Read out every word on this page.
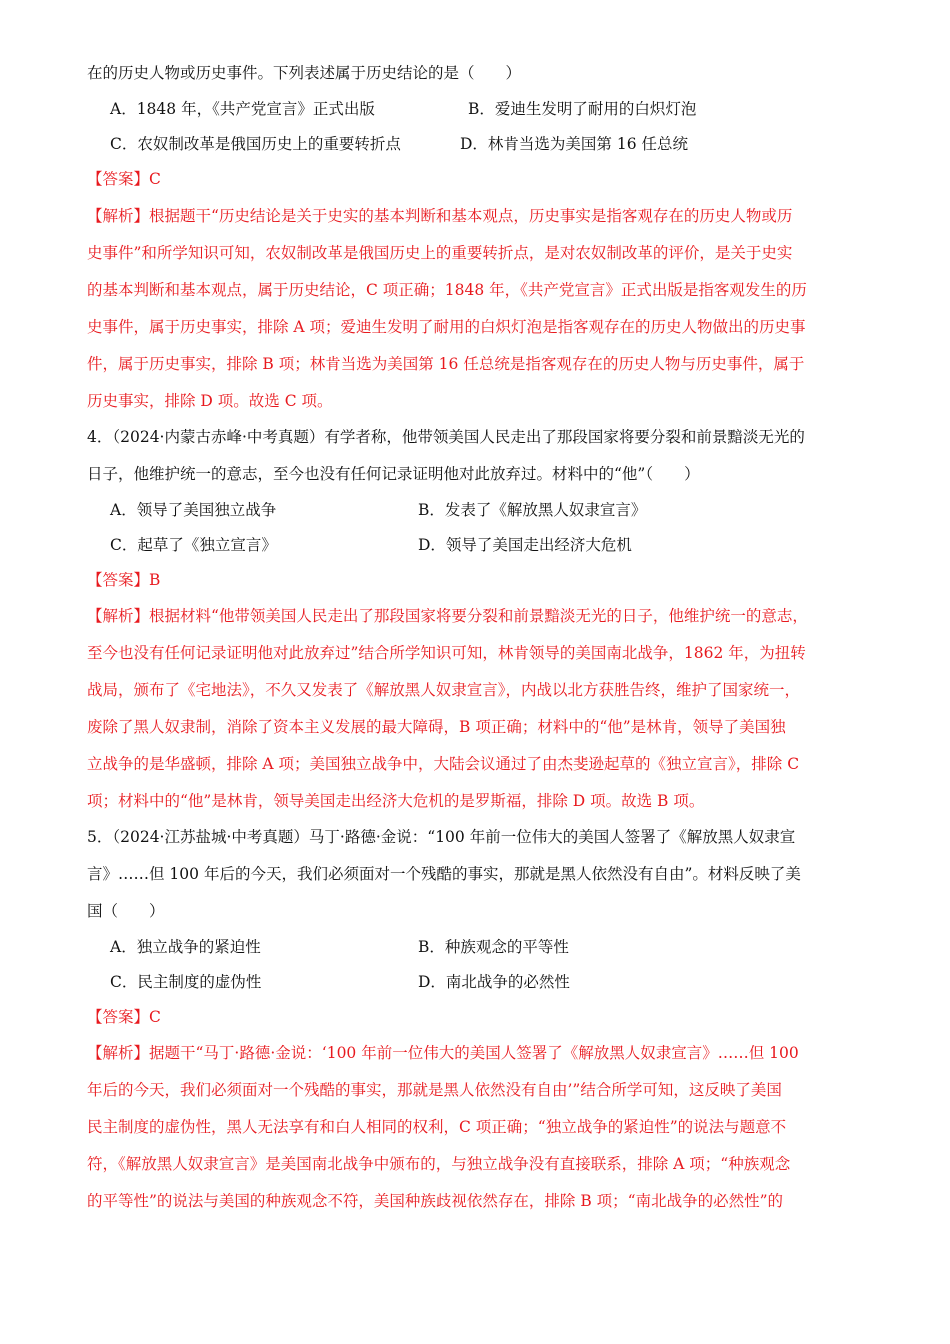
在的历史人物或历史事件。下列表述属于历史结论的是（　　）
A．1848 年，《共产党宣言》正式出版	B．爱迪生发明了耐用的白炽灯泡
C．农奴制改革是俄国历史上的重要转折点	D．林肯当选为美国第 16 任总统
【答案】C
【解析】根据题干“历史结论是关于史实的基本判断和基本观点，历史事实是指客观存在的历史人物或历
史事件”和所学知识可知，农奴制改革是俄国历史上的重要转折点，是对农奴制改革的评价，是关于史实
的基本判断和基本观点，属于历史结论，C 项正确；1848 年，《共产党宣言》正式出版是指客观发生的历
史事件，属于历史事实，排除 A 项；爱迪生发明了耐用的白炽灯泡是指客观存在的历史人物做出的历史事
件，属于历史事实，排除 B 项；林肯当选为美国第 16 任总统是指客观存在的历史人物与历史事件，属于
历史事实，排除 D 项。故选 C 项。
4．（2024·内蒙古赤峰·中考真题）有学者称，他带领美国人民走出了那段国家将要分裂和前景黯淡无光的
日子，他维护统一的意志，至今也没有任何记录证明他对此放弃过。材料中的“他”（　　）
A．领导了美国独立战争	B．发表了《解放黑人奴隶宣言》
C．起草了《独立宣言》	D．领导了美国走出经济大危机
【答案】B
【解析】根据材料“他带领美国人民走出了那段国家将要分裂和前景黯淡无光的日子，他维护统一的意志，
至今也没有任何记录证明他对此放弃过”结合所学知识可知，林肯领导的美国南北战争，1862 年，为扭转
战局，颁布了《宅地法》，不久又发表了《解放黑人奴隶宣言》，内战以北方获胜告终，维护了国家统一，
废除了黑人奴隶制，消除了资本主义发展的最大障碍，B 项正确；材料中的“他”是林肯，领导了美国独
立战争的是华盛顿，排除 A 项；美国独立战争中，大陆会议通过了由杰斐逊起草的《独立宣言》，排除 C
项；材料中的“他”是林肯，领导美国走出经济大危机的是罗斯福，排除 D 项。故选 B 项。
5．（2024·江苏盐城·中考真题）马丁·路德·金说：“100 年前一位伟大的美国人签署了《解放黑人奴隶宣
言》……但 100 年后的今天，我们必须面对一个残酷的事实，那就是黑人依然没有自由”。材料反映了美
国（　　）
A．独立战争的紧迫性	B．种族观念的平等性
C．民主制度的虚伪性	D．南北战争的必然性
【答案】C
【解析】据题干“马丁·路德·金说：‘100 年前一位伟大的美国人签署了《解放黑人奴隶宣言》……但 100
年后的今天，我们必须面对一个残酷的事实，那就是黑人依然没有自由’”结合所学可知，这反映了美国
民主制度的虚伪性，黑人无法享有和白人相同的权利，C 项正确；“独立战争的紧迫性”的说法与题意不
符，《解放黑人奴隶宣言》是美国南北战争中颁布的，与独立战争没有直接联系，排除 A 项；“种族观念
的平等性”的说法与美国的种族观念不符，美国种族歧视依然存在，排除 B 项；“南北战争的必然性”的
